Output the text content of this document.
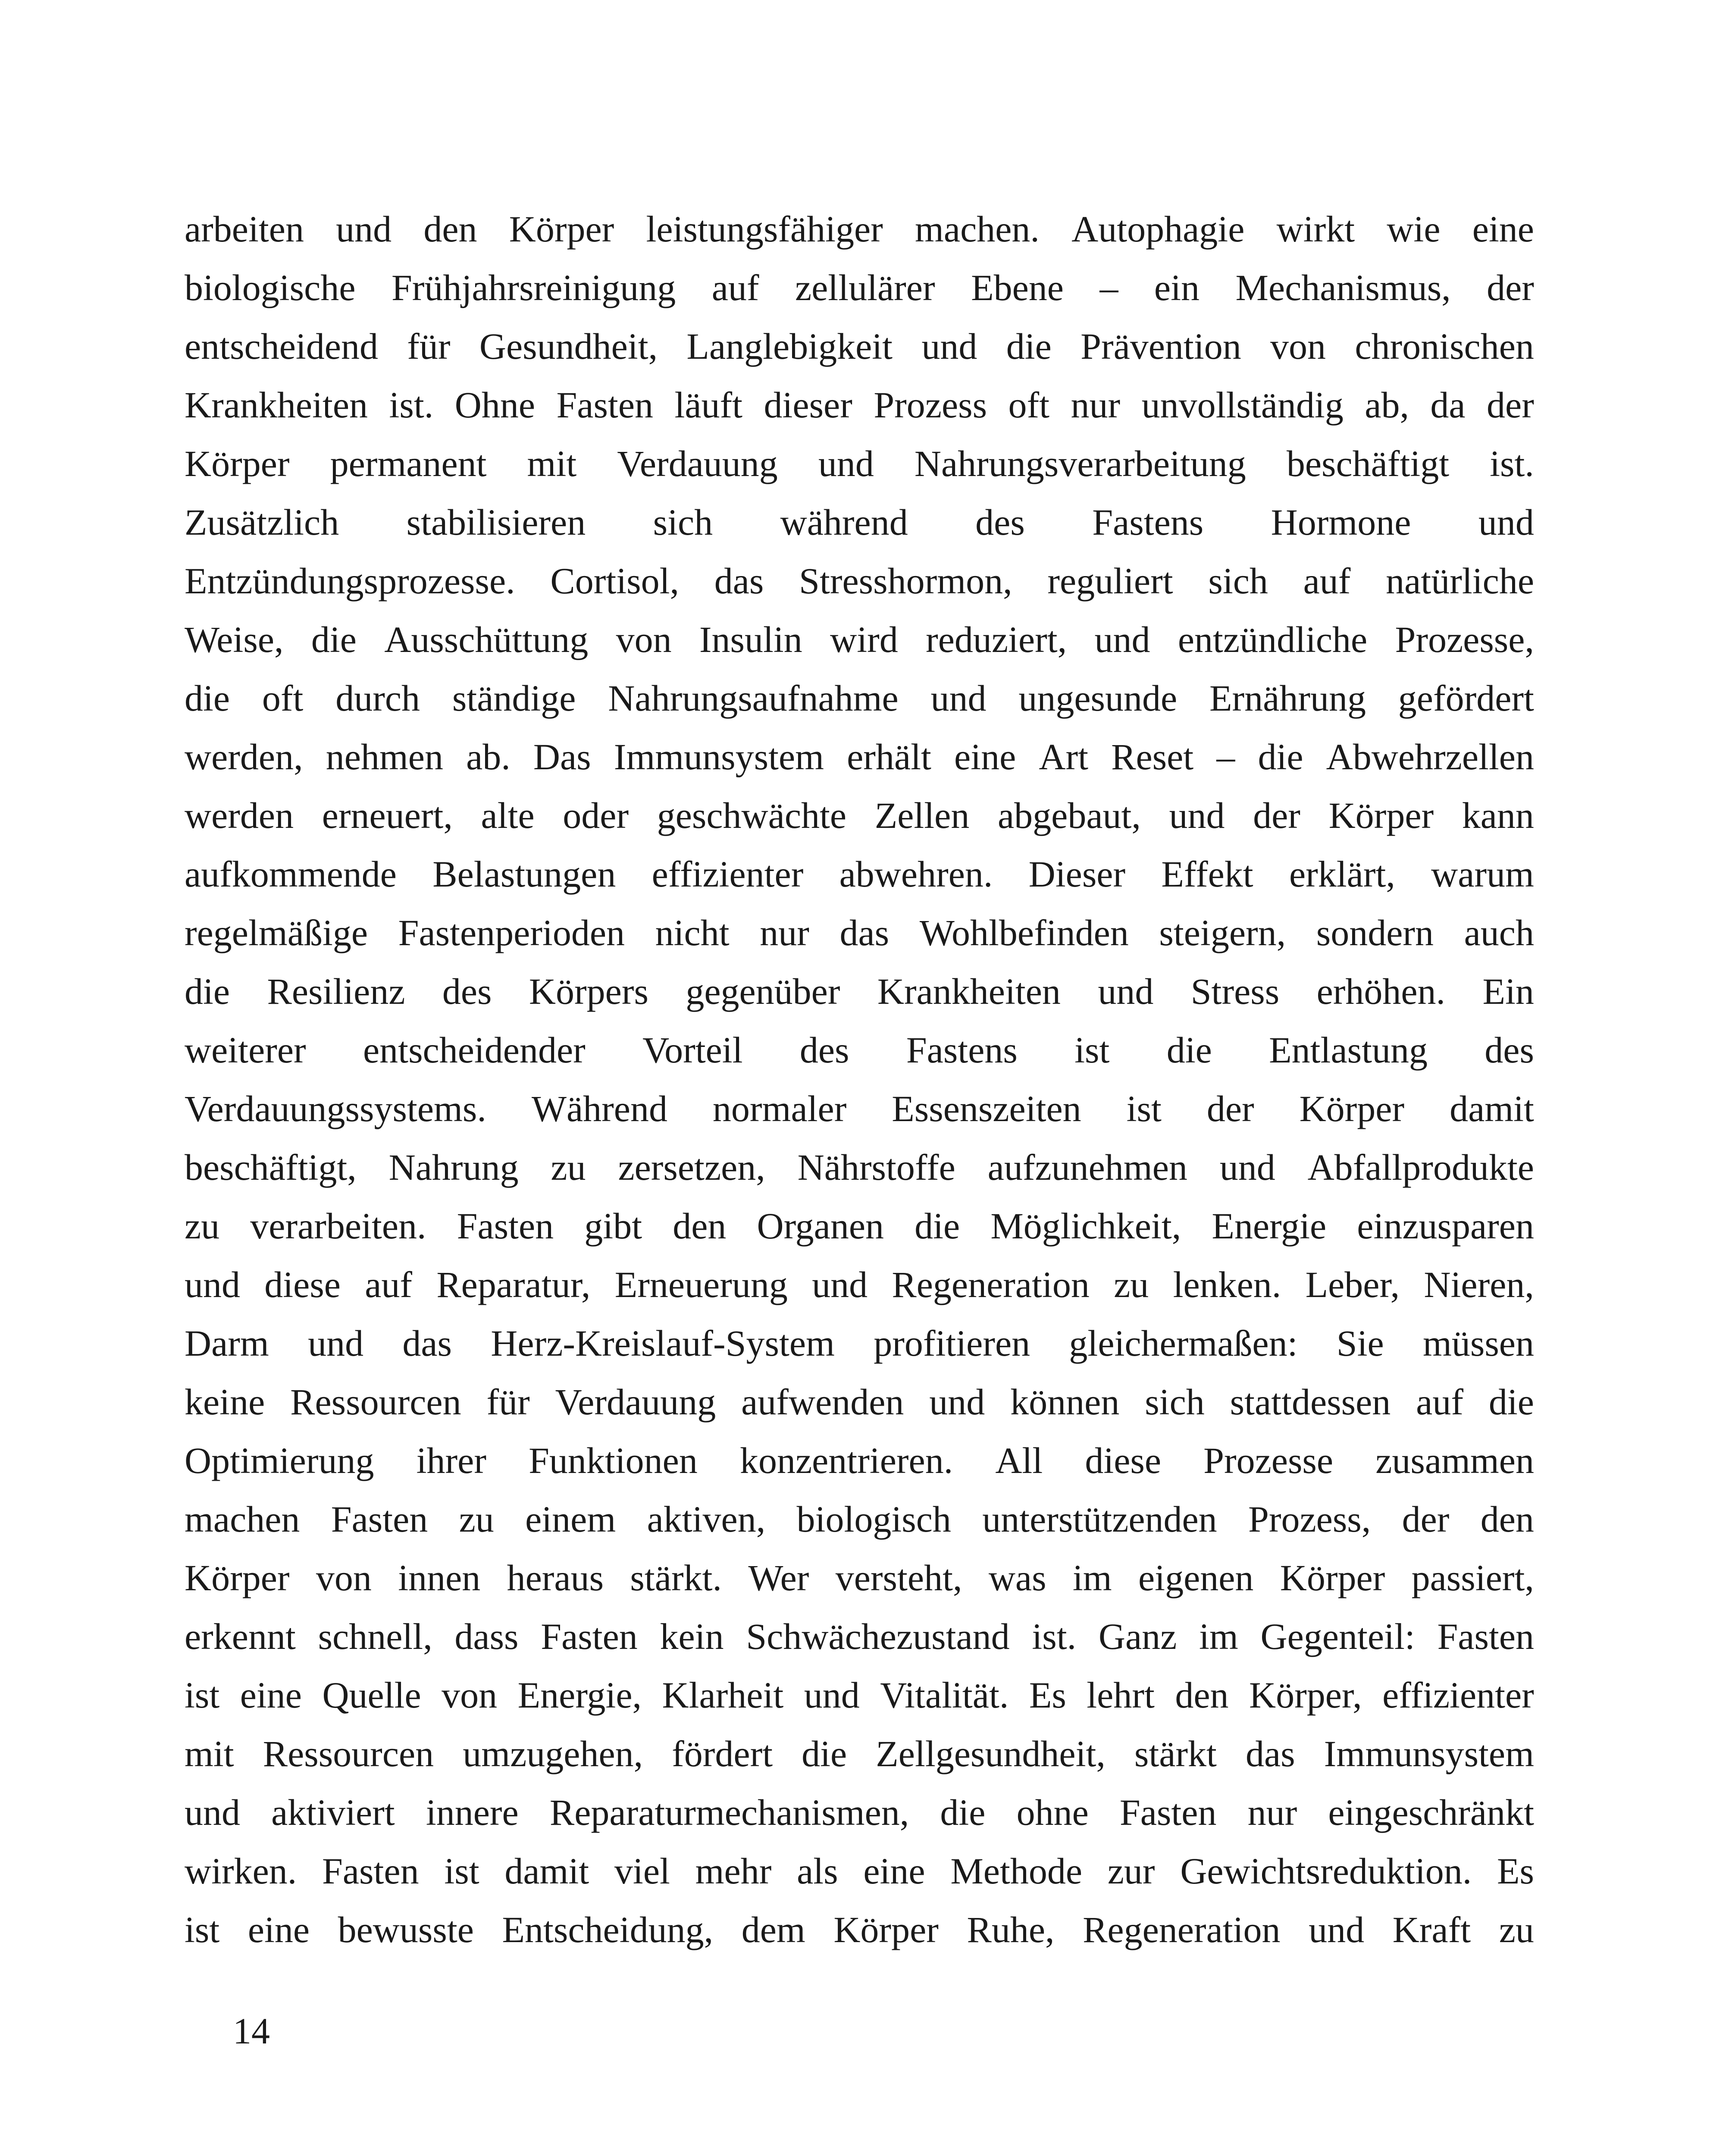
arbeiten und den Körper leistungsfähiger machen. Autophagie wirkt wie eine
biologische Frühjahrsreinigung auf zellulärer Ebene – ein Mechanismus, der
entscheidend für Gesundheit, Langlebigkeit und die Prävention von chronischen
Krankheiten ist. Ohne Fasten läuft dieser Prozess oft nur unvollständig ab, da der
Körper permanent mit Verdauung und Nahrungsverarbeitung beschäftigt ist.
Zusätzlich stabilisieren sich während des Fastens Hormone und
Entzündungsprozesse. Cortisol, das Stresshormon, reguliert sich auf natürliche
Weise, die Ausschüttung von Insulin wird reduziert, und entzündliche Prozesse,
die oft durch ständige Nahrungsaufnahme und ungesunde Ernährung gefördert
werden, nehmen ab. Das Immunsystem erhält eine Art Reset – die Abwehrzellen
werden erneuert, alte oder geschwächte Zellen abgebaut, und der Körper kann
aufkommende Belastungen effizienter abwehren. Dieser Effekt erklärt, warum
regelmäßige Fastenperioden nicht nur das Wohlbefinden steigern, sondern auch
die Resilienz des Körpers gegenüber Krankheiten und Stress erhöhen. Ein
weiterer entscheidender Vorteil des Fastens ist die Entlastung des
Verdauungssystems. Während normaler Essenszeiten ist der Körper damit
beschäftigt, Nahrung zu zersetzen, Nährstoffe aufzunehmen und Abfallprodukte
zu verarbeiten. Fasten gibt den Organen die Möglichkeit, Energie einzusparen
und diese auf Reparatur, Erneuerung und Regeneration zu lenken. Leber, Nieren,
Darm und das Herz-Kreislauf-System profitieren gleichermaßen: Sie müssen
keine Ressourcen für Verdauung aufwenden und können sich stattdessen auf die
Optimierung ihrer Funktionen konzentrieren. All diese Prozesse zusammen
machen Fasten zu einem aktiven, biologisch unterstützenden Prozess, der den
Körper von innen heraus stärkt. Wer versteht, was im eigenen Körper passiert,
erkennt schnell, dass Fasten kein Schwächezustand ist. Ganz im Gegenteil: Fasten
ist eine Quelle von Energie, Klarheit und Vitalität. Es lehrt den Körper, effizienter
mit Ressourcen umzugehen, fördert die Zellgesundheit, stärkt das Immunsystem
und aktiviert innere Reparaturmechanismen, die ohne Fasten nur eingeschränkt
wirken. Fasten ist damit viel mehr als eine Methode zur Gewichtsreduktion. Es
ist eine bewusste Entscheidung, dem Körper Ruhe, Regeneration und Kraft zu
14
